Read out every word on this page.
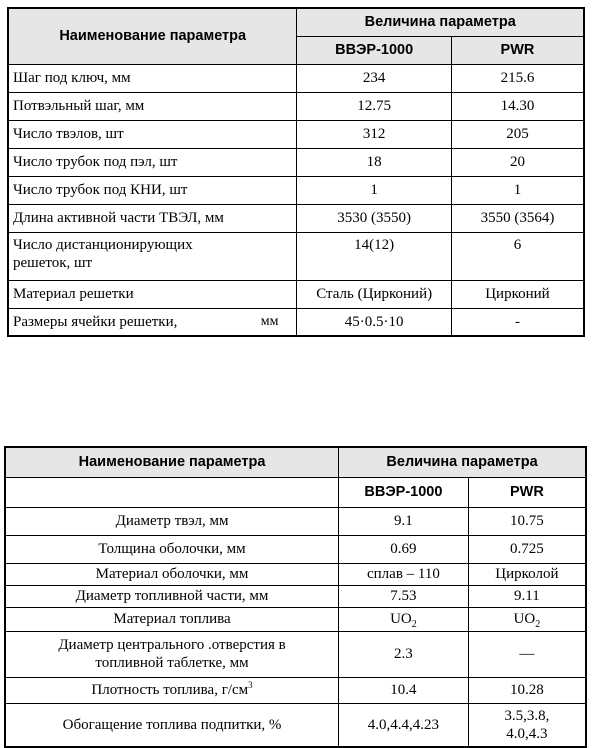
Наименование параметра	Величина параметра	
	ВВЭР-1000	PWR
Шаг под ключ, мм	234	215.6
Потвэльный шаг, мм	12.75	14.30
Число твэлов, шт	312	205
Число трубок под пэл, шт	18	20
Число трубок под КНИ, шт	1	1
Длина активной части ТВЭЛ, мм	3530 (3550)	3550 (3564)

Число дистанционирующих
решеток, шт	14(12)	6
Материал решетки	Сталь (Цирконий)	Цирконий
Размеры ячейки решетки, мм	45·0.5·10	-
Наименование параметра	Величина параметра	
	ВВЭР-1000	PWR
Диаметр твэл, мм	9.1	10.75
Толщина оболочки, мм	0.69	0.725
Материал оболочки, мм	сплав – 110	Цирколой
Диаметр топливной части, мм	7.53	9.11
Материал топлива	$UO_2$	$UO_2$

Диаметр центрального .отверстия в
топливной таблетке, мм	2.3	—
Плотность топлива, $г/см^3$	10.4	10.28
Обогащение топлива подпитки, %	4.0,4.4,4.23	3.5,3.8,
4.0,4.3
